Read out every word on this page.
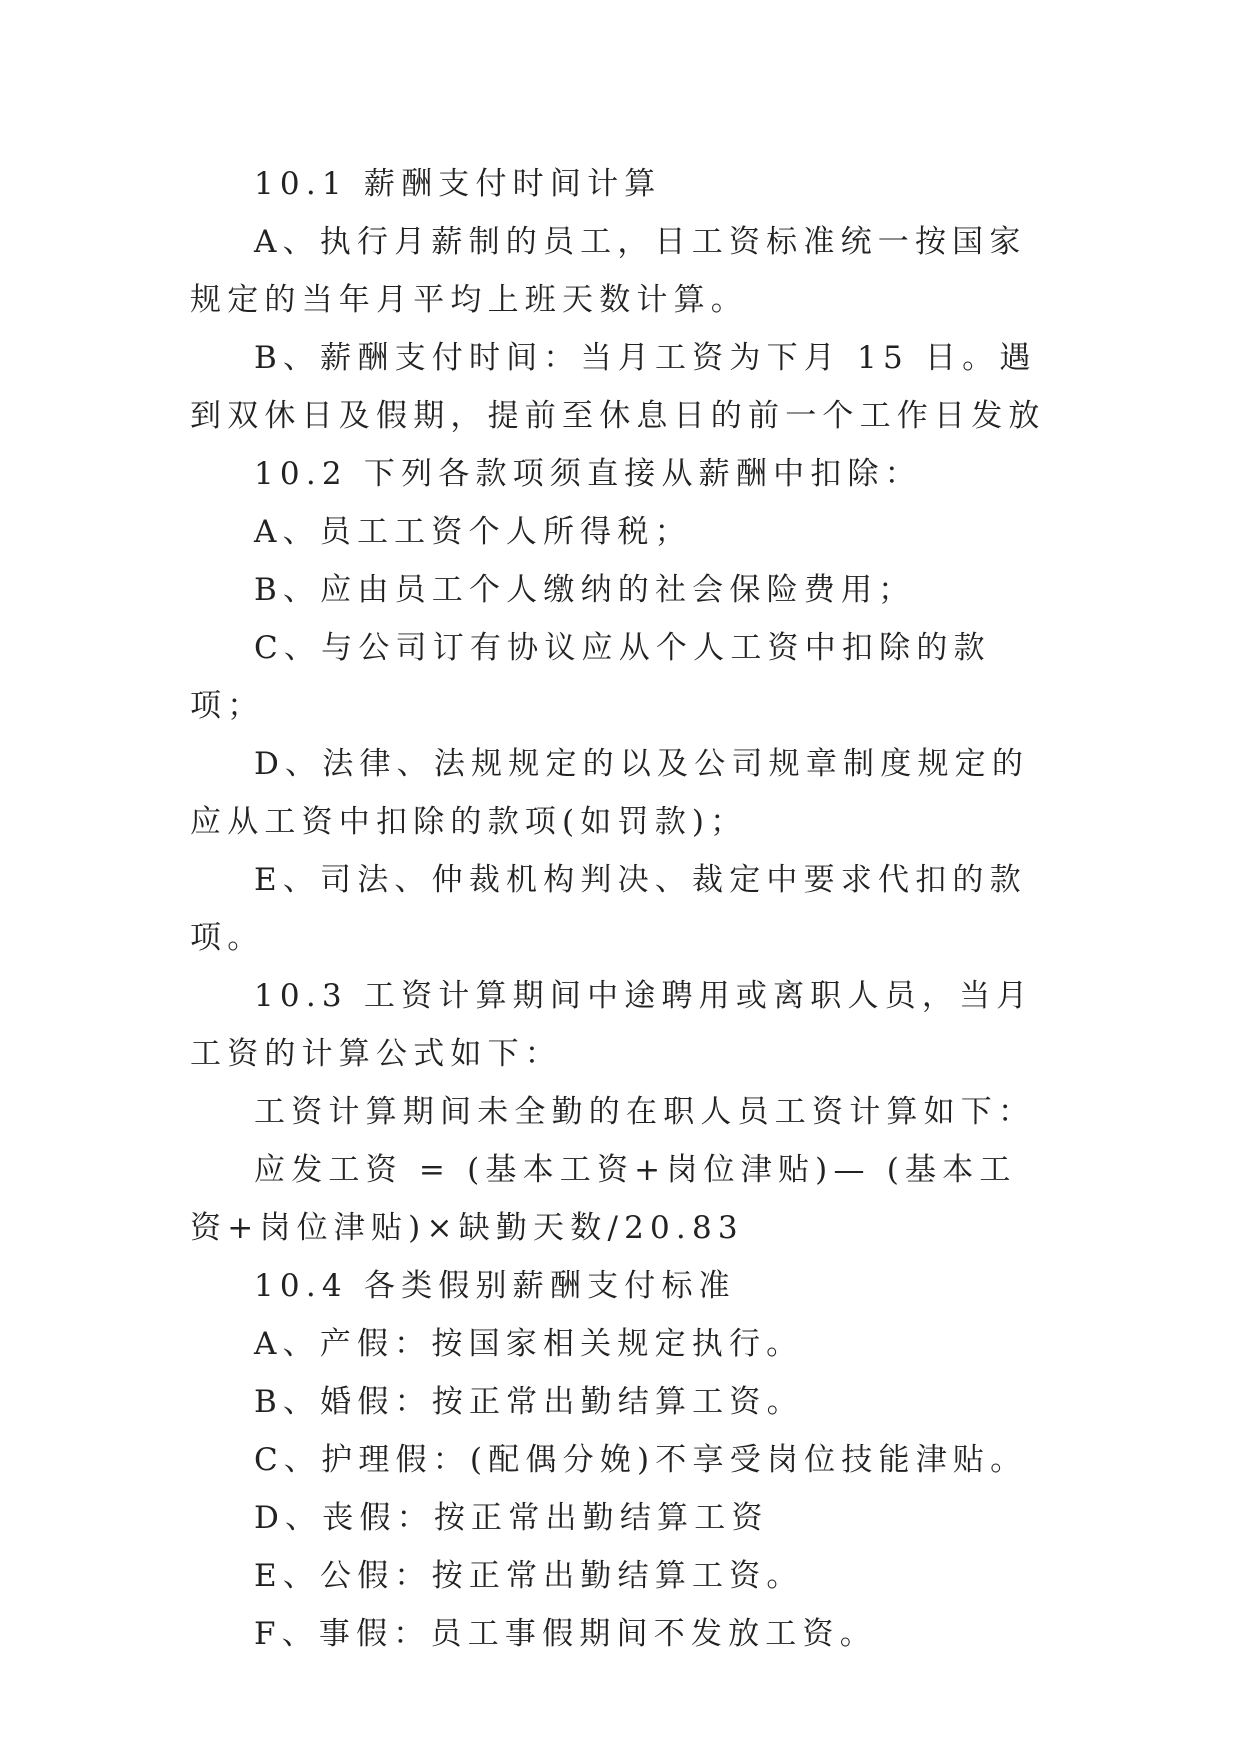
10.1 薪酬支付时间计算

A、执行月薪制的员工，日工资标准统一按国家规定的当年月平均上班天数计算。

B、薪酬支付时间：当月工资为下月 15 日。遇到双休日及假期，提前至休息日的前一个工作日发放

10.2 下列各款项须直接从薪酬中扣除：

A、员工工资个人所得税；

B、应由员工个人缴纳的社会保险费用；

C、与公司订有协议应从个人工资中扣除的款项；

D、法律、法规规定的以及公司规章制度规定的应从工资中扣除的款项(如罚款)；

E、司法、仲裁机构判决、裁定中要求代扣的款项。

10.3 工资计算期间中途聘用或离职人员，当月工资的计算公式如下：

工资计算期间未全勤的在职人员工资计算如下：

应发工资 = (基本工资+岗位津贴)— (基本工资+岗位津贴)×缺勤天数/20.83

10.4 各类假别薪酬支付标准

A、产假：按国家相关规定执行。

B、婚假：按正常出勤结算工资。

C、护理假：(配偶分娩)不享受岗位技能津贴。

D、丧假：按正常出勤结算工资

E、公假：按正常出勤结算工资。

F、事假：员工事假期间不发放工资。
